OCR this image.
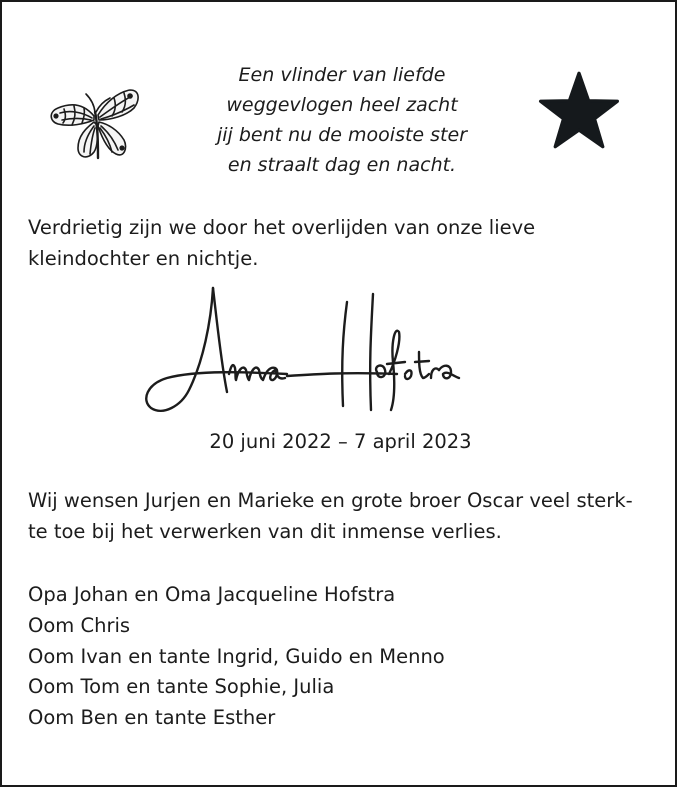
Een vlinder van liefde
weggevlogen heel zacht
jij bent nu de mooiste ster
en straalt dag en nacht.
Verdrietig zijn we door het overlijden van onze lieve
kleindochter en nichtje.
20 juni 2022 – 7 april 2023
Wij wensen Jurjen en Marieke en grote broer Oscar veel sterk-
te toe bij het verwerken van dit inmense verlies.
Opa Johan en Oma Jacqueline Hofstra
Oom Chris
Oom Ivan en tante Ingrid, Guido en Menno
Oom Tom en tante Sophie, Julia
Oom Ben en tante Esther
